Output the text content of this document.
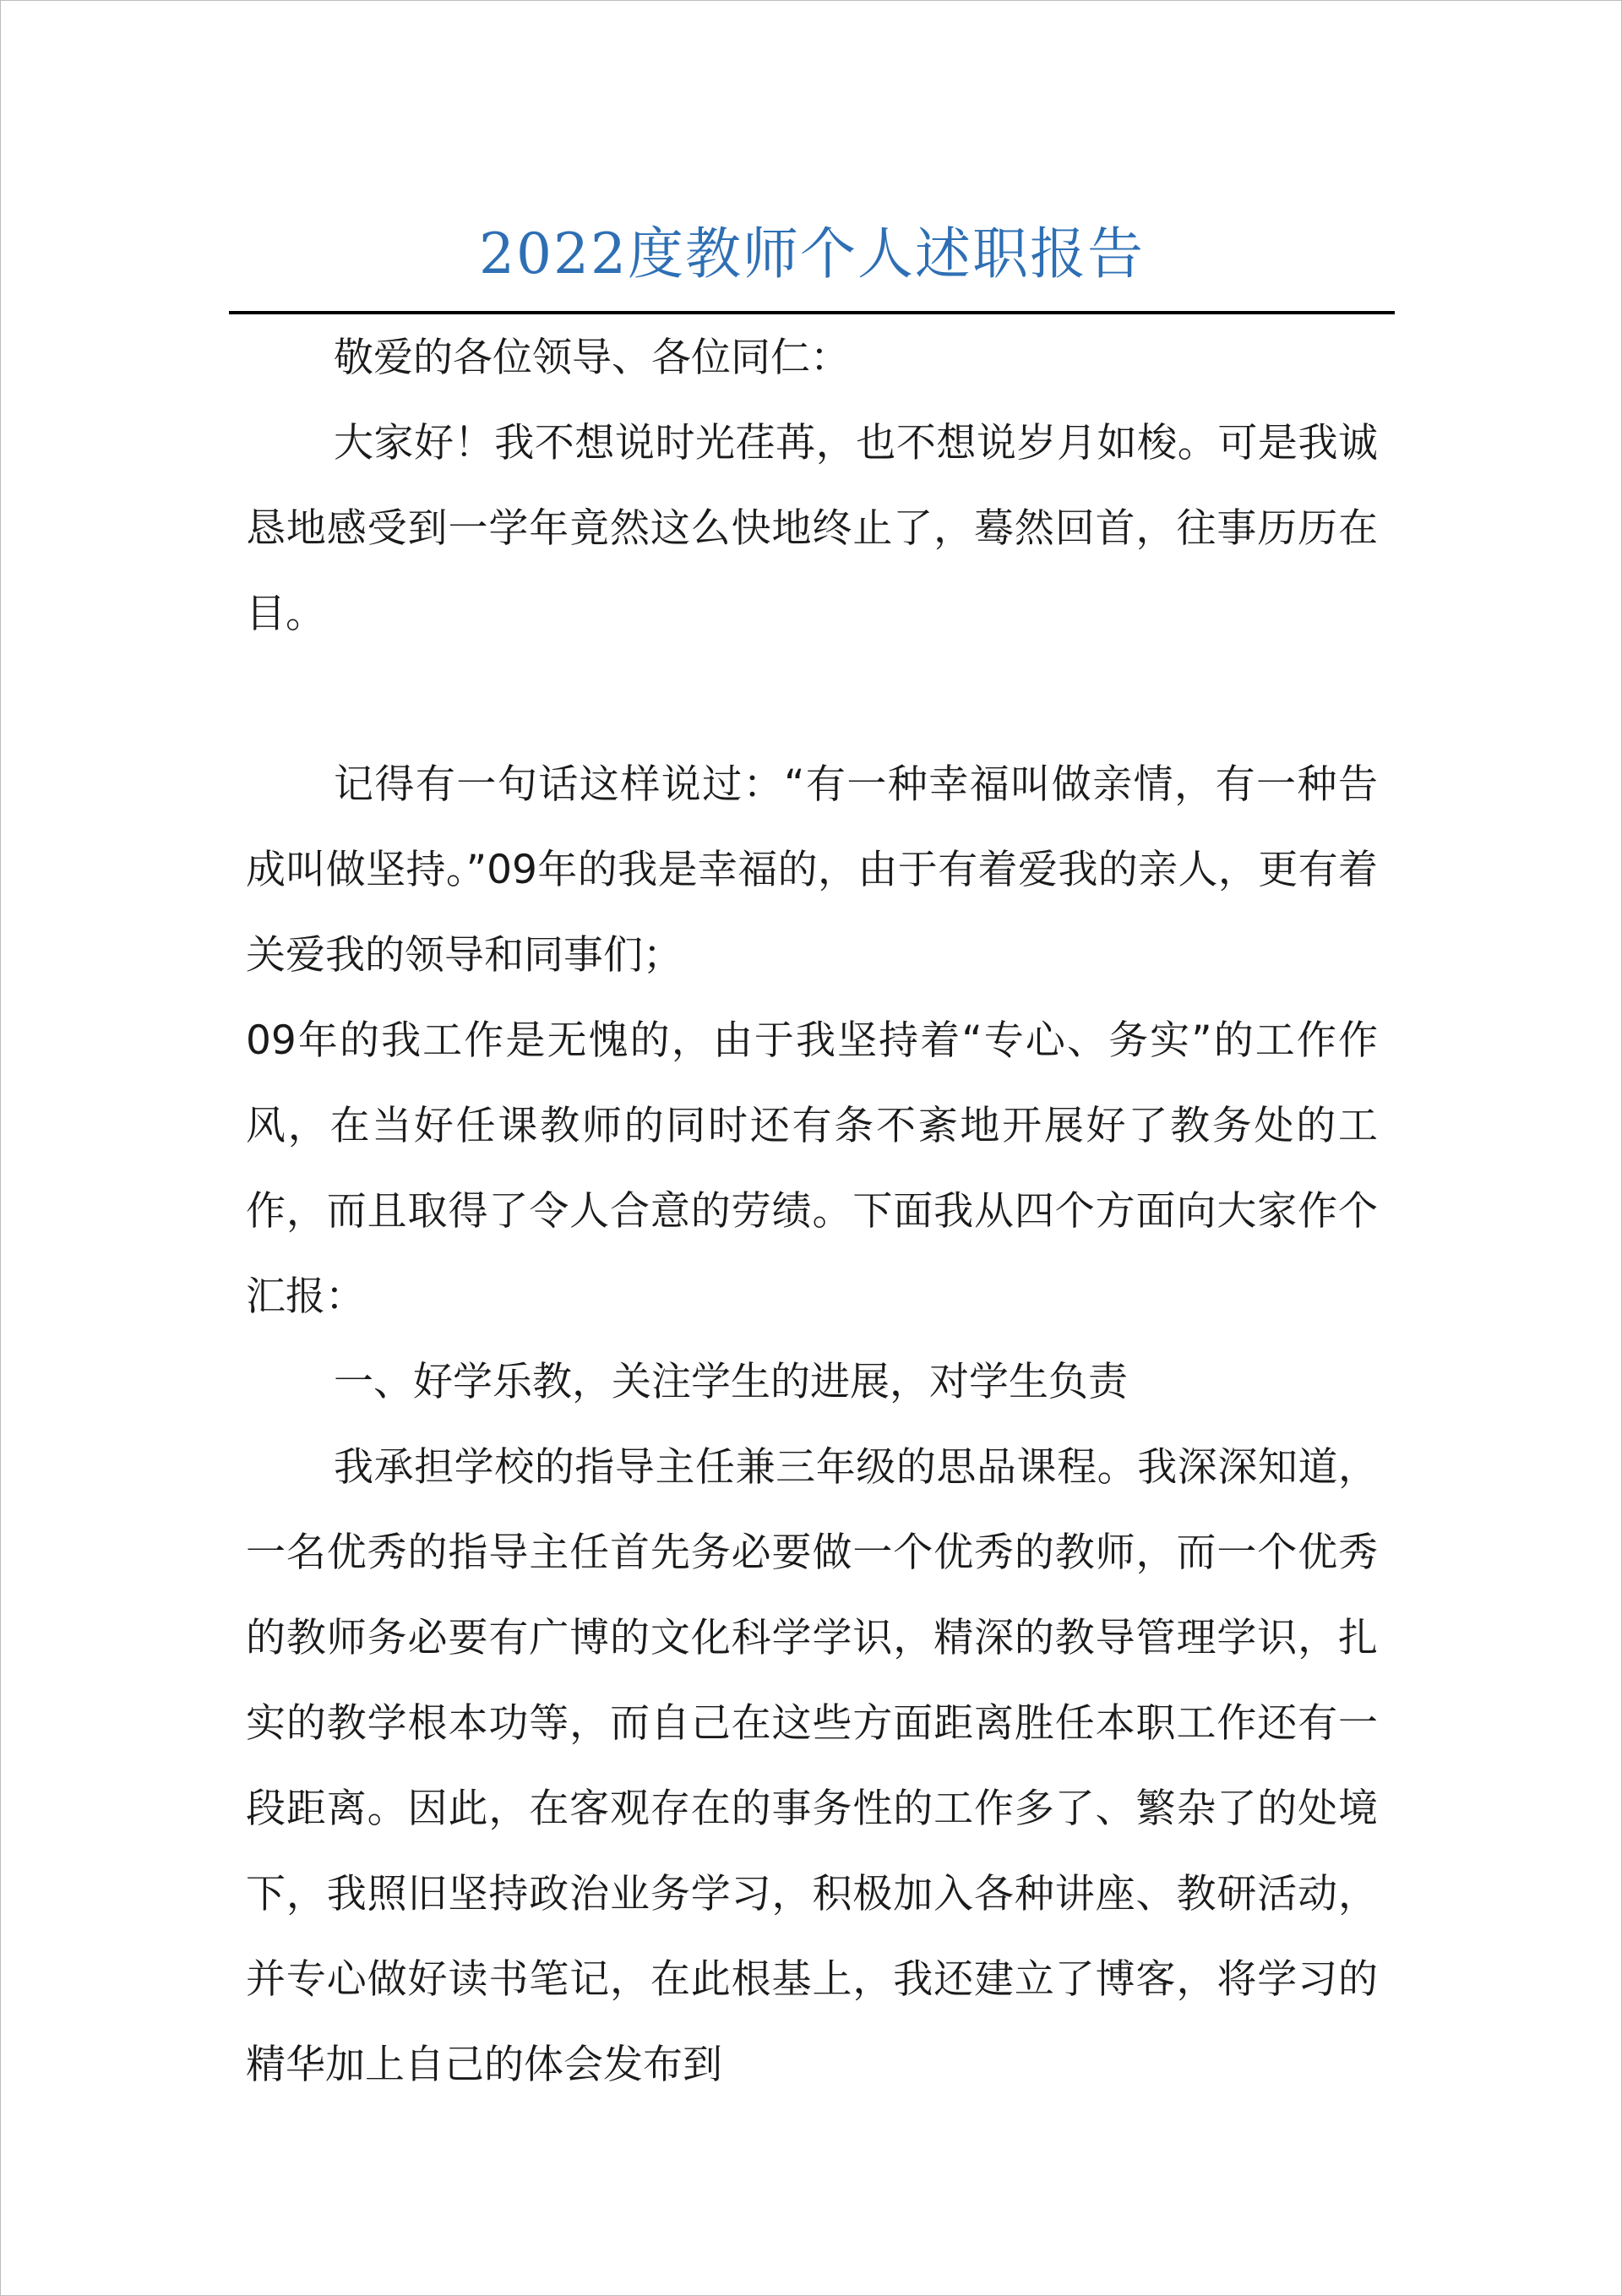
2022度教师个人述职报告

敬爱的各位领导、各位同仁：

大家好！我不想说时光荏苒，也不想说岁月如梭。可是我诚恳地感受到一学年竟然这么快地终止了，蓦然回首，往事历历在目。

记得有一句话这样说过：“有一种幸福叫做亲情，有一种告成叫做坚持。”09年的我是幸福的，由于有着爱我的亲人，更有着关爱我的领导和同事们；

09年的我工作是无愧的，由于我坚持着“专心、务实”的工作作风，在当好任课教师的同时还有条不紊地开展好了教务处的工作，而且取得了令人合意的劳绩。下面我从四个方面向大家作个汇报：

一、好学乐教，关注学生的进展，对学生负责

我承担学校的指导主任兼三年级的思品课程。我深深知道，一名优秀的指导主任首先务必要做一个优秀的教师，而一个优秀的教师务必要有广博的文化科学学识，精深的教导管理学识，扎实的教学根本功等，而自己在这些方面距离胜任本职工作还有一段距离。因此，在客观存在的事务性的工作多了、繁杂了的处境下，我照旧坚持政治业务学习，积极加入各种讲座、教研活动，并专心做好读书笔记，在此根基上，我还建立了博客，将学习的精华加上自己的体会发布到
